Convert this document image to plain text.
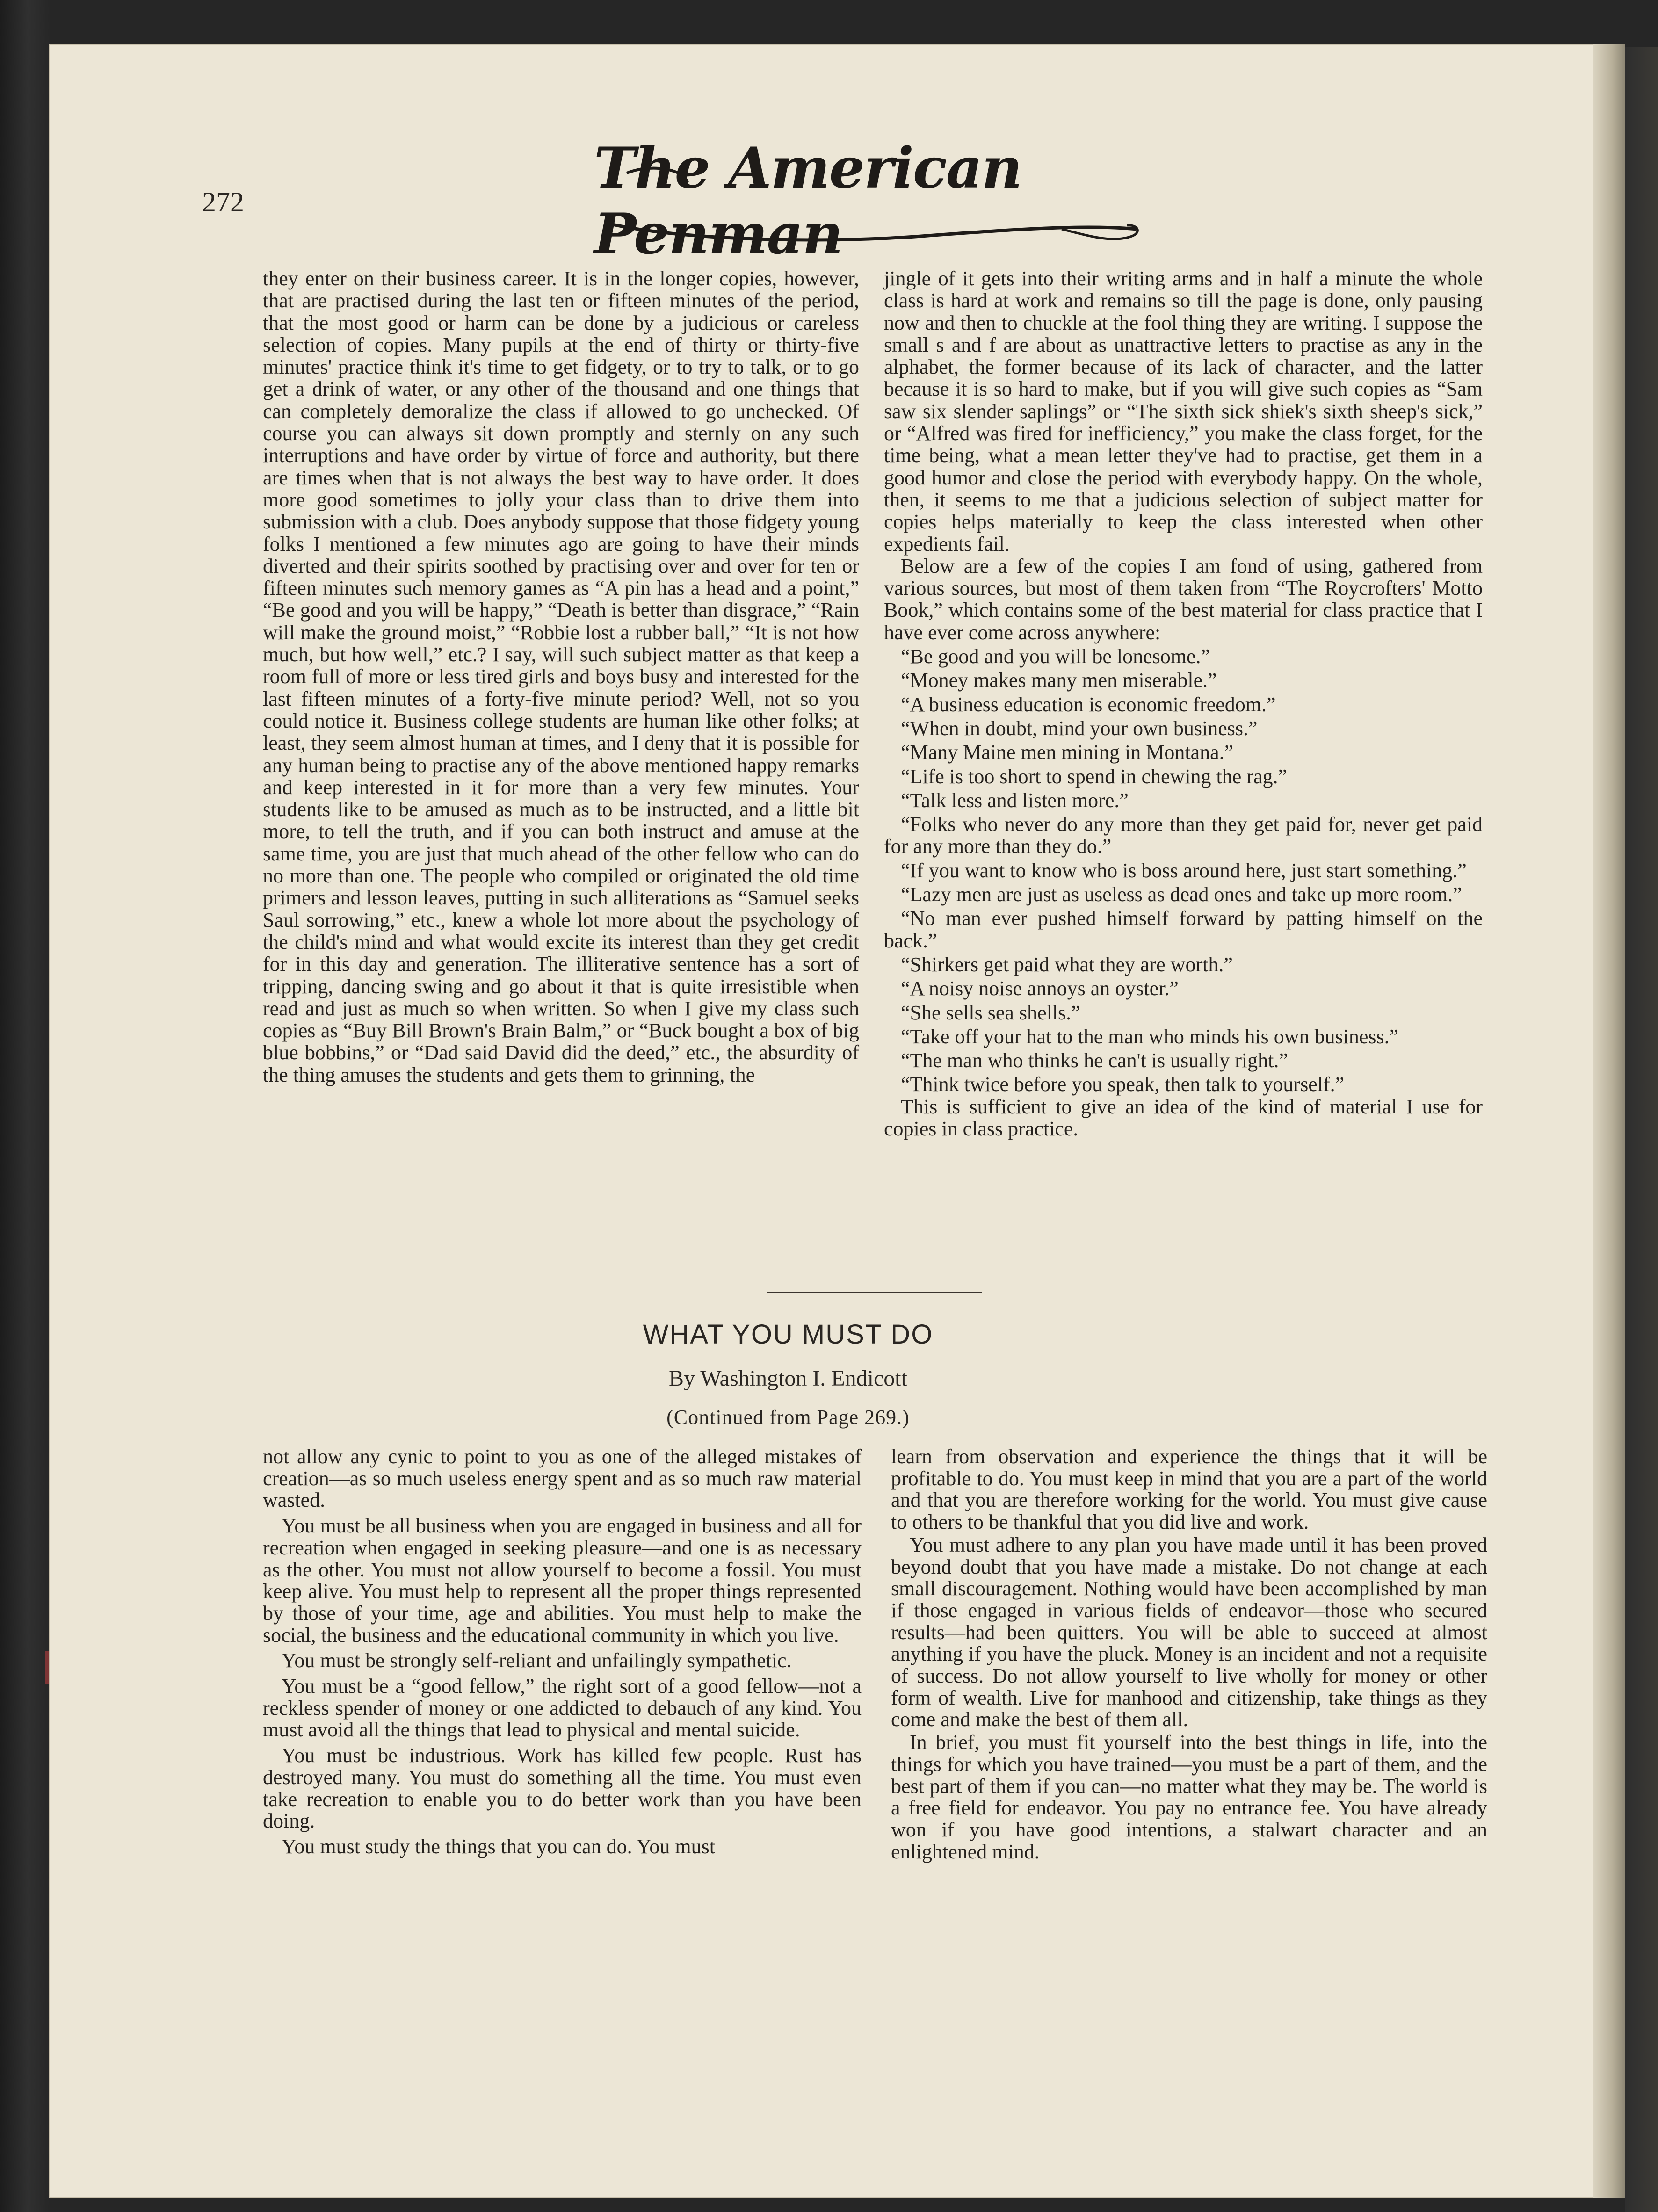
272
The American Penman

they enter on their business career. It is in the longer copies, however, that are practised during the last ten or fifteen minutes of the period, that the most good or harm can be done by a judicious or careless selection of copies. Many pupils at the end of thirty or thirty-five minutes' practice think it's time to get fidgety, or to try to talk, or to go get a drink of water, or any other of the thousand and one things that can completely demoralize the class if allowed to go unchecked. Of course you can always sit down promptly and sternly on any such interruptions and have order by virtue of force and authority, but there are times when that is not always the best way to have order. It does more good sometimes to jolly your class than to drive them into submission with a club. Does anybody suppose that those fidgety young folks I mentioned a few minutes ago are going to have their minds diverted and their spirits soothed by practising over and over for ten or fifteen minutes such memory games as “A pin has a head and a point,” “Be good and you will be happy,” “Death is better than disgrace,” “Rain will make the ground moist,” “Robbie lost a rubber ball,” “It is not how much, but how well,” etc.? I say, will such subject matter as that keep a room full of more or less tired girls and boys busy and interested for the last fifteen minutes of a forty-five minute period? Well, not so you could notice it. Business college students are human like other folks; at least, they seem almost human at times, and I deny that it is possible for any human being to practise any of the above mentioned happy remarks and keep interested in it for more than a very few minutes. Your students like to be amused as much as to be instructed, and a little bit more, to tell the truth, and if you can both instruct and amuse at the same time, you are just that much ahead of the other fellow who can do no more than one. The people who compiled or originated the old time primers and lesson leaves, putting in such alliterations as “Samuel seeks Saul sorrowing,” etc., knew a whole lot more about the psychology of the child's mind and what would excite its interest than they get credit for in this day and generation. The illiterative sentence has a sort of tripping, dancing swing and go about it that is quite irresistible when read and just as much so when written. So when I give my class such copies as “Buy Bill Brown's Brain Balm,” or “Buck bought a box of big blue bobbins,” or “Dad said David did the deed,” etc., the absurdity of the thing amuses the students and gets them to grinning, the

jingle of it gets into their writing arms and in half a minute the whole class is hard at work and remains so till the page is done, only pausing now and then to chuckle at the fool thing they are writing. I suppose the small s and f are about as unattractive letters to practise as any in the alphabet, the former because of its lack of character, and the latter because it is so hard to make, but if you will give such copies as “Sam saw six slender saplings” or “The sixth sick shiek's sixth sheep's sick,” or “Alfred was fired for inefficiency,” you make the class forget, for the time being, what a mean letter they've had to practise, get them in a good humor and close the period with everybody happy. On the whole, then, it seems to me that a judicious selection of subject matter for copies helps materially to keep the class interested when other expedients fail.

Below are a few of the copies I am fond of using, gathered from various sources, but most of them taken from “The Roycrofters' Motto Book,” which contains some of the best material for class practice that I have ever come across anywhere:

“Be good and you will be lonesome.”

“Money makes many men miserable.”

“A business education is economic freedom.”

“When in doubt, mind your own business.”

“Many Maine men mining in Montana.”

“Life is too short to spend in chewing the rag.”

“Talk less and listen more.”

“Folks who never do any more than they get paid for, never get paid for any more than they do.”

“If you want to know who is boss around here, just start something.”

“Lazy men are just as useless as dead ones and take up more room.”

“No man ever pushed himself forward by patting himself on the back.”

“Shirkers get paid what they are worth.”

“A noisy noise annoys an oyster.”

“She sells sea shells.”

“Take off your hat to the man who minds his own business.”

“The man who thinks he can't is usually right.”

“Think twice before you speak, then talk to yourself.”

This is sufficient to give an idea of the kind of material I use for copies in class practice.

WHAT YOU MUST DO
By Washington I. Endicott
(Continued from Page 269.)

not allow any cynic to point to you as one of the alleged mistakes of creation—as so much useless energy spent and as so much raw material wasted.

You must be all business when you are engaged in business and all for recreation when engaged in seeking pleasure—and one is as necessary as the other. You must not allow yourself to become a fossil. You must keep alive. You must help to represent all the proper things represented by those of your time, age and abilities. You must help to make the social, the business and the educational community in which you live.

You must be strongly self-reliant and unfailingly sympathetic.

You must be a “good fellow,” the right sort of a good fellow—not a reckless spender of money or one addicted to debauch of any kind. You must avoid all the things that lead to physical and mental suicide.

You must be industrious. Work has killed few people. Rust has destroyed many. You must do something all the time. You must even take recreation to enable you to do better work than you have been doing.

You must study the things that you can do. You must

learn from observation and experience the things that it will be profitable to do. You must keep in mind that you are a part of the world and that you are therefore working for the world. You must give cause to others to be thankful that you did live and work.

You must adhere to any plan you have made until it has been proved beyond doubt that you have made a mistake. Do not change at each small discouragement. Nothing would have been accomplished by man if those engaged in various fields of endeavor—those who secured results—had been quitters. You will be able to succeed at almost anything if you have the pluck. Money is an incident and not a requisite of success. Do not allow yourself to live wholly for money or other form of wealth. Live for manhood and citizenship, take things as they come and make the best of them all.

In brief, you must fit yourself into the best things in life, into the things for which you have trained—you must be a part of them, and the best part of them if you can—no matter what they may be. The world is a free field for endeavor. You pay no entrance fee. You have already won if you have good intentions, a stalwart character and an enlightened mind.
